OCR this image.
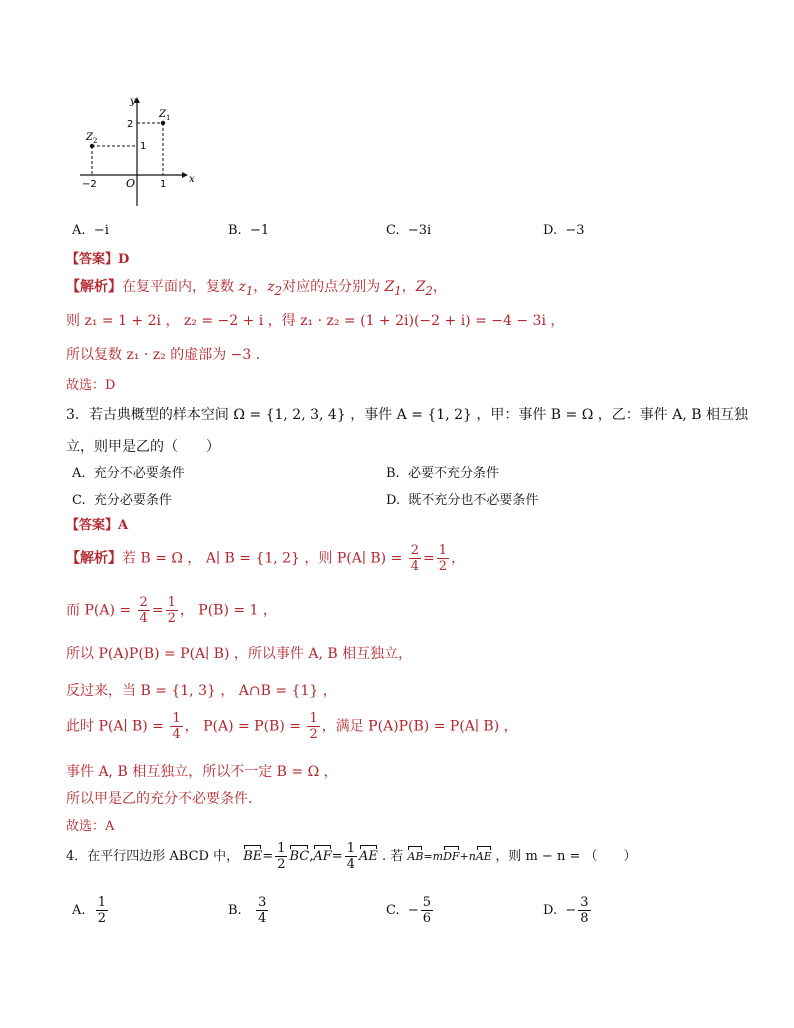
y
x
O
Z 1
Z 2
2
1
−2	1
A. −i	B. −1	C. −3i	D. −3
【答案】D
【解析】在复平面内，复数 $z_1$，$z_2$对应的点分别为 $Z_1$，$Z_2$，
则 z₁ = 1 + 2i ， z₂ = −2 + i ，得 z₁ · z₂ = (1 + 2i)(−2 + i) = −4 − 3i ，
所以复数 z₁ · z₂ 的虚部为 −3 .
故选：D
3．若古典概型的样本空间 Ω = {1, 2, 3, 4} ，事件 A = {1, 2} ，甲：事件 B = Ω ，乙：事件 A, B 相互独
立，则甲是乙的（　　）
A. 充分不必要条件	B. 必要不充分条件
C. 充分必要条件	D. 既不充分也不必要条件
【答案】A
【解析】若 B = Ω ， A∣ B = {1, 2} ，则 P(A∣ $B) = \frac{2}{4} = \frac{1}{2}$ ，
而 $P(A) = \frac{2}{4} = \frac{1}{2}$ ， P(B) = 1 ，
所以 P(A)P(B) = P(A∣ B) ，所以事件 A, B 相互独立，
反过来，当 B = {1, 3} ， A∩B = {1} ，
此时 P(A∣ $B) = \frac{1}{4}$ ， $P(A) = P(B) = \frac{1}{2}$ ，满足 P(A)P(B) = P(A∣ B) ，
事件 A, B 相互独立，所以不一定 B = Ω ，
所以甲是乙的充分不必要条件.
故选：A
4．在平行四边形 ABCD 中， $BE= \frac{1}{2} BC,AF= \frac{1}{4}$ AE . 若 AB=mDF+nAE ，则 m − n = （　　）
A. $\frac{1}{2}$	B. $\frac{3}{4}$	C. − $\frac{5}{6}$	D. − $\frac{3}{8}$
